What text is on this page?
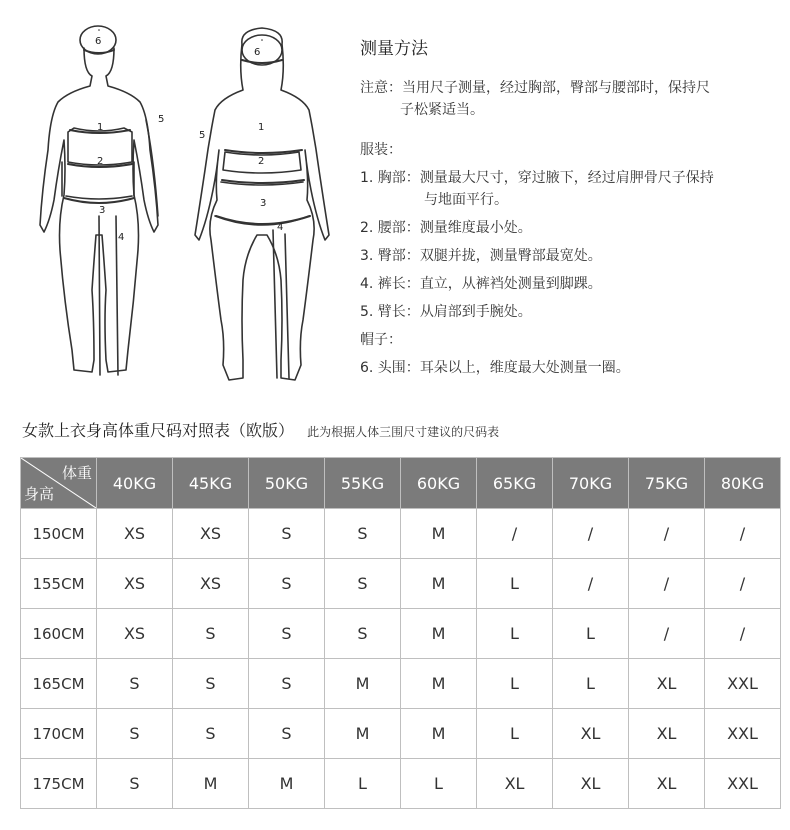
6
1
2
3
4
5
6
1
2
3
4
5
测量方法
注意： 当用尺子测量，经过胸部，臀部与腰部时，保持尺
子松紧适当。
服装：
1. 胸部： 测量最大尺寸，穿过腋下，经过肩胛骨尺子保持
与地面平行。
2. 腰部： 测量维度最小处。
3. 臀部： 双腿并拢，测量臀部最宽处。
4. 裤长： 直立，从裤裆处测量到脚踝。
5. 臂长： 从肩部到手腕处。
帽子：
6. 头围： 耳朵以上，维度最大处测量一圈。
女款上衣身高体重尺码对照表（欧版） 此为根据人体三围尺寸建议的尺码表
体重
身高	40KG	45KG	50KG	55KG	60KG	65KG	70KG	75KG	80KG
150CM	XS	XS	S	S	M	/	/	/	/
155CM	XS	XS	S	S	M	L	/	/	/
160CM	XS	S	S	S	M	L	L	/	/
165CM	S	S	S	M	M	L	L	XL	XXL
170CM	S	S	S	M	M	L	XL	XL	XXL
175CM	S	M	M	L	L	XL	XL	XL	XXL
